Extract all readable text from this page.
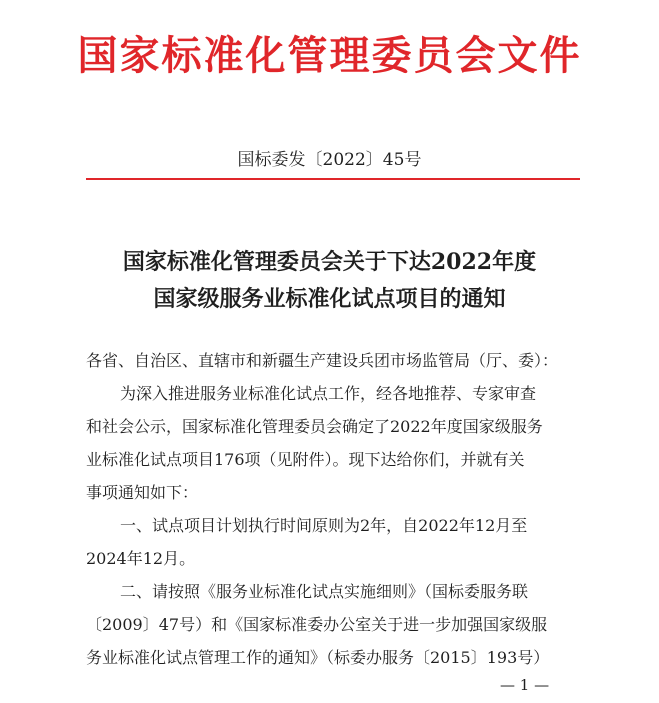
国家标准化管理委员会文件
国标委发〔2022〕45号
国家标准化管理委员会关于下达2022年度
国家级服务业标准化试点项目的通知
各省、自治区、直辖市和新疆生产建设兵团市场监管局（厅、委）：
为深入推进服务业标准化试点工作，经各地推荐、专家审查
和社会公示，国家标准化管理委员会确定了2022年度国家级服务
业标准化试点项目176项（见附件）。现下达给你们，并就有关
事项通知如下：
一、试点项目计划执行时间原则为2年，自2022年12月至
2024年12月。
二、请按照《服务业标准化试点实施细则》（国标委服务联
〔2009〕47号）和《国家标准委办公室关于进一步加强国家级服
务业标准化试点管理工作的通知》（标委办服务〔2015〕193号）
— 1 —
